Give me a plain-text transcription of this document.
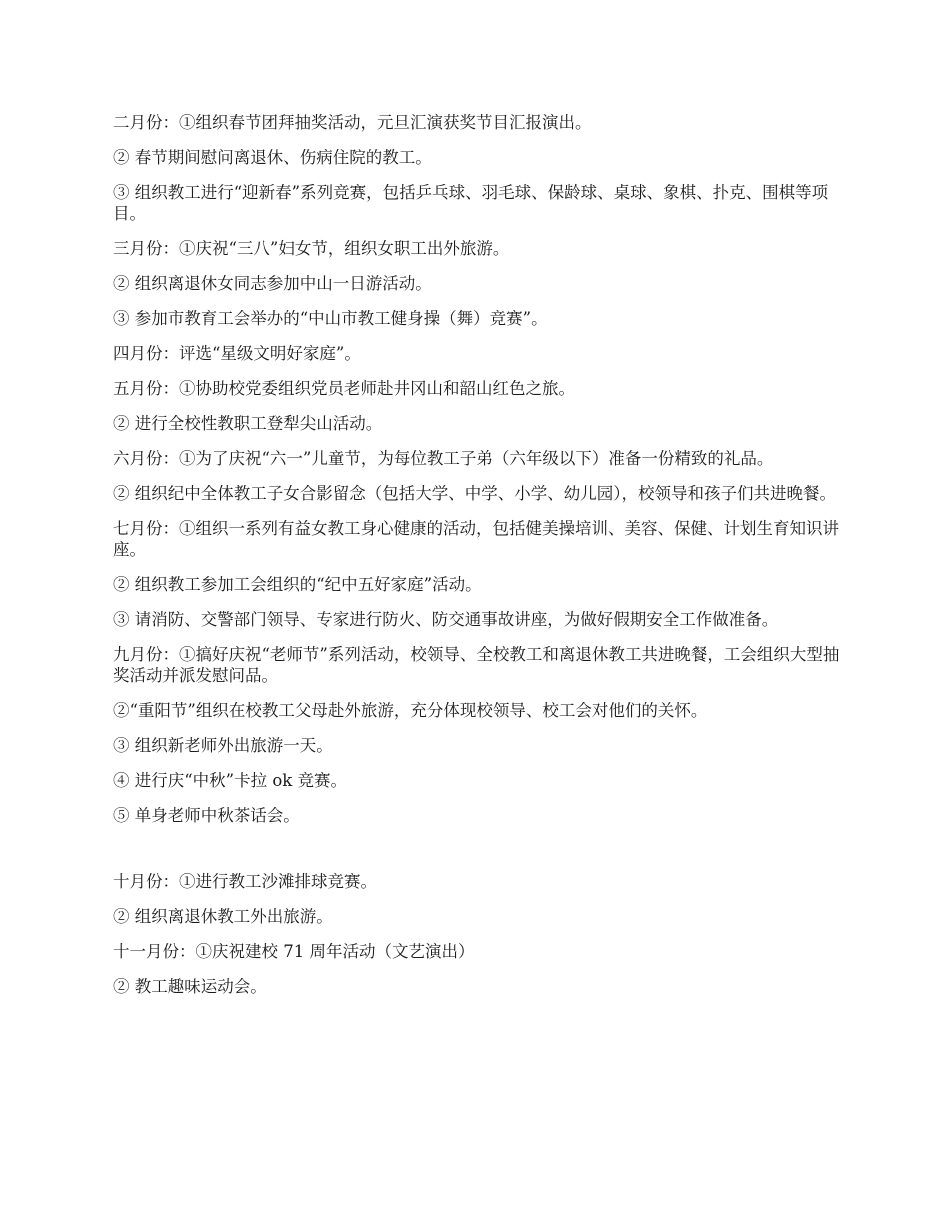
二月份：①组织春节团拜抽奖活动，元旦汇演获奖节目汇报演出。

② 春节期间慰问离退休、伤病住院的教工。

③ 组织教工进行“迎新春”系列竞赛，包括乒乓球、羽毛球、保龄球、桌球、象棋、扑克、围棋等项目。

三月份：①庆祝“三八”妇女节，组织女职工出外旅游。

② 组织离退休女同志参加中山一日游活动。

③ 参加市教育工会举办的“中山市教工健身操（舞）竞赛”。

四月份：评选“星级文明好家庭”。

五月份：①协助校党委组织党员老师赴井冈山和韶山红色之旅。

② 进行全校性教职工登犁尖山活动。

六月份：①为了庆祝“六一”儿童节，为每位教工子弟（六年级以下）准备一份精致的礼品。

② 组织纪中全体教工子女合影留念（包括大学、中学、小学、幼儿园），校领导和孩子们共进晚餐。

七月份：①组织一系列有益女教工身心健康的活动，包括健美操培训、美容、保健、计划生育知识讲座。

② 组织教工参加工会组织的“纪中五好家庭”活动。

③ 请消防、交警部门领导、专家进行防火、防交通事故讲座，为做好假期安全工作做准备。

九月份：①搞好庆祝“老师节”系列活动，校领导、全校教工和离退休教工共进晚餐，工会组织大型抽奖活动并派发慰问品。

②“重阳节”组织在校教工父母赴外旅游，充分体现校领导、校工会对他们的关怀。

③ 组织新老师外出旅游一天。

④ 进行庆“中秋”卡拉 ok 竞赛。

⑤ 单身老师中秋茶话会。

十月份：①进行教工沙滩排球竞赛。

② 组织离退休教工外出旅游。

十一月份：①庆祝建校 71 周年活动（文艺演出）

② 教工趣味运动会。
